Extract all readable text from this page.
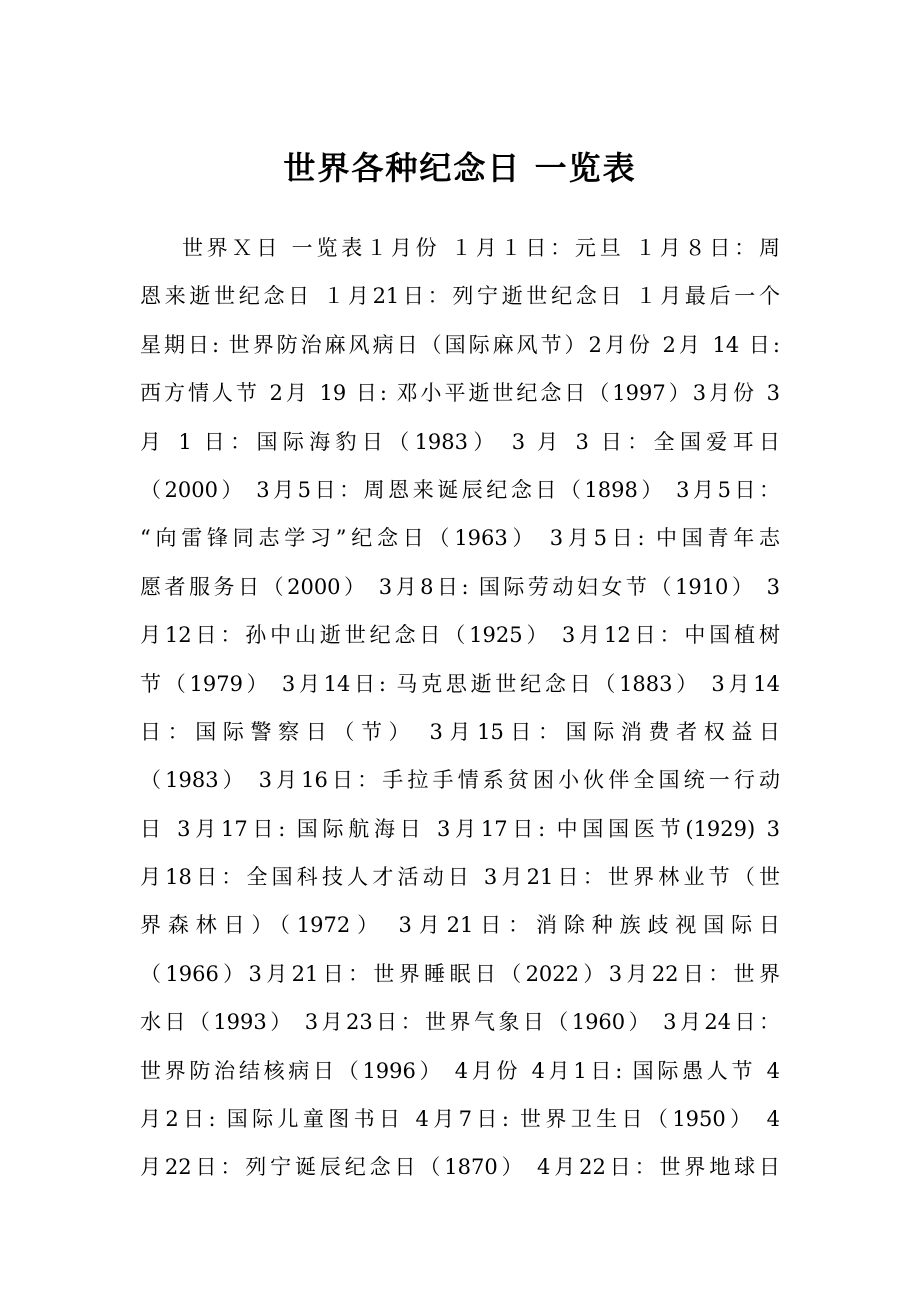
世界各种纪念日 一览表
世界Ｘ日 一览表１月份 １月１日：元旦 １月８日：周
恩来逝世纪念日 １月21日：列宁逝世纪念日 １月最后一个
星期日: 世界防治麻风病日（国际麻风节）2月份 2月 14 日:
西方情人节 2月 19 日: 邓小平逝世纪念日（1997）3月份 3
月 1 日：国际海豹日（1983） 3 月 3 日：全国爱耳日
（2000） 3月5日：周恩来诞辰纪念日（1898） 3月5日：
“向雷锋同志学习”纪念日（1963） 3月5日: 中国青年志
愿者服务日（2000） 3月8日: 国际劳动妇女节（1910） 3
月12日：孙中山逝世纪念日（1925） 3月12日：中国植树
节（1979） 3月14日: 马克思逝世纪念日（1883） 3月14
日：国际警察日（节） 3月15日：国际消费者权益日
（1983） 3月16日：手拉手情系贫困小伙伴全国统一行动
日 3月17日: 国际航海日 3月17日: 中国国医节(1929) 3
月18日：全国科技人才活动日 3月21日：世界林业节（世
界森林日）（1972） 3月21日：消除种族歧视国际日
（1966）3月21日：世界睡眠日（2022）3月22日：世界
水日（1993） 3月23日：世界气象日（1960） 3月24日：
世界防治结核病日（1996） 4月份 4月1日: 国际愚人节 4
月2日: 国际儿童图书日 4月7日: 世界卫生日（1950） 4
月22日：列宁诞辰纪念日（1870） 4月22日：世界地球日
